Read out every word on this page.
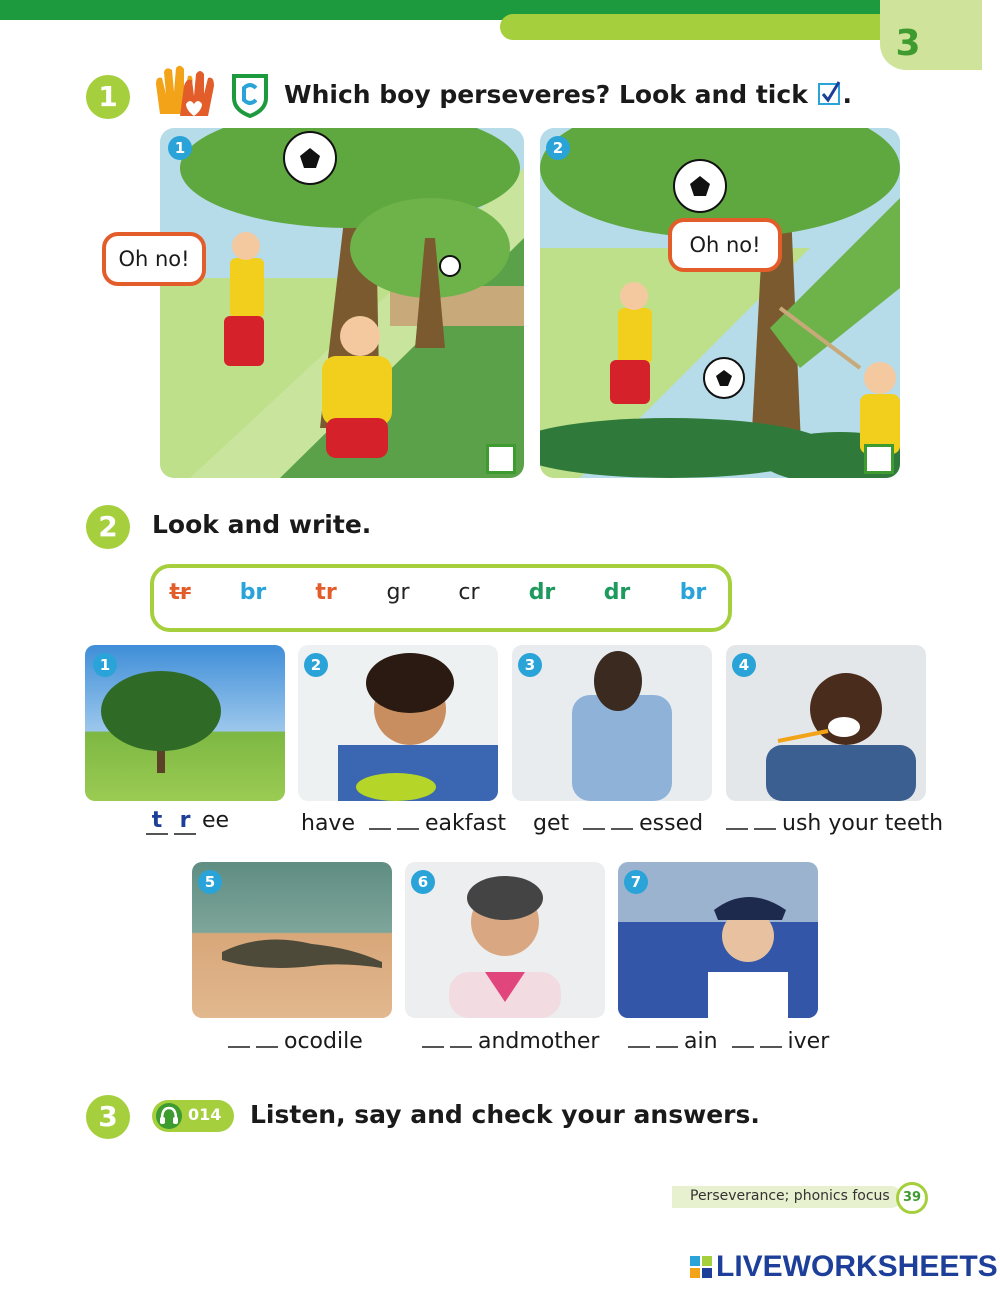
3
1	Which boy perseveres? Look and tick .
1
Oh no!
2
Oh no!
2	Look and write.
tr	br	tr	gr	cr	dr	dr	br
1	2	3	4
t r ee	have	eakfast get	essed	ush your teeth
5	6	7
ocodile	andmother	ain	iver
3	014 Listen, say and check your answers.
Perseverance; phonics focus	39
LIVEWORKSHEETS
